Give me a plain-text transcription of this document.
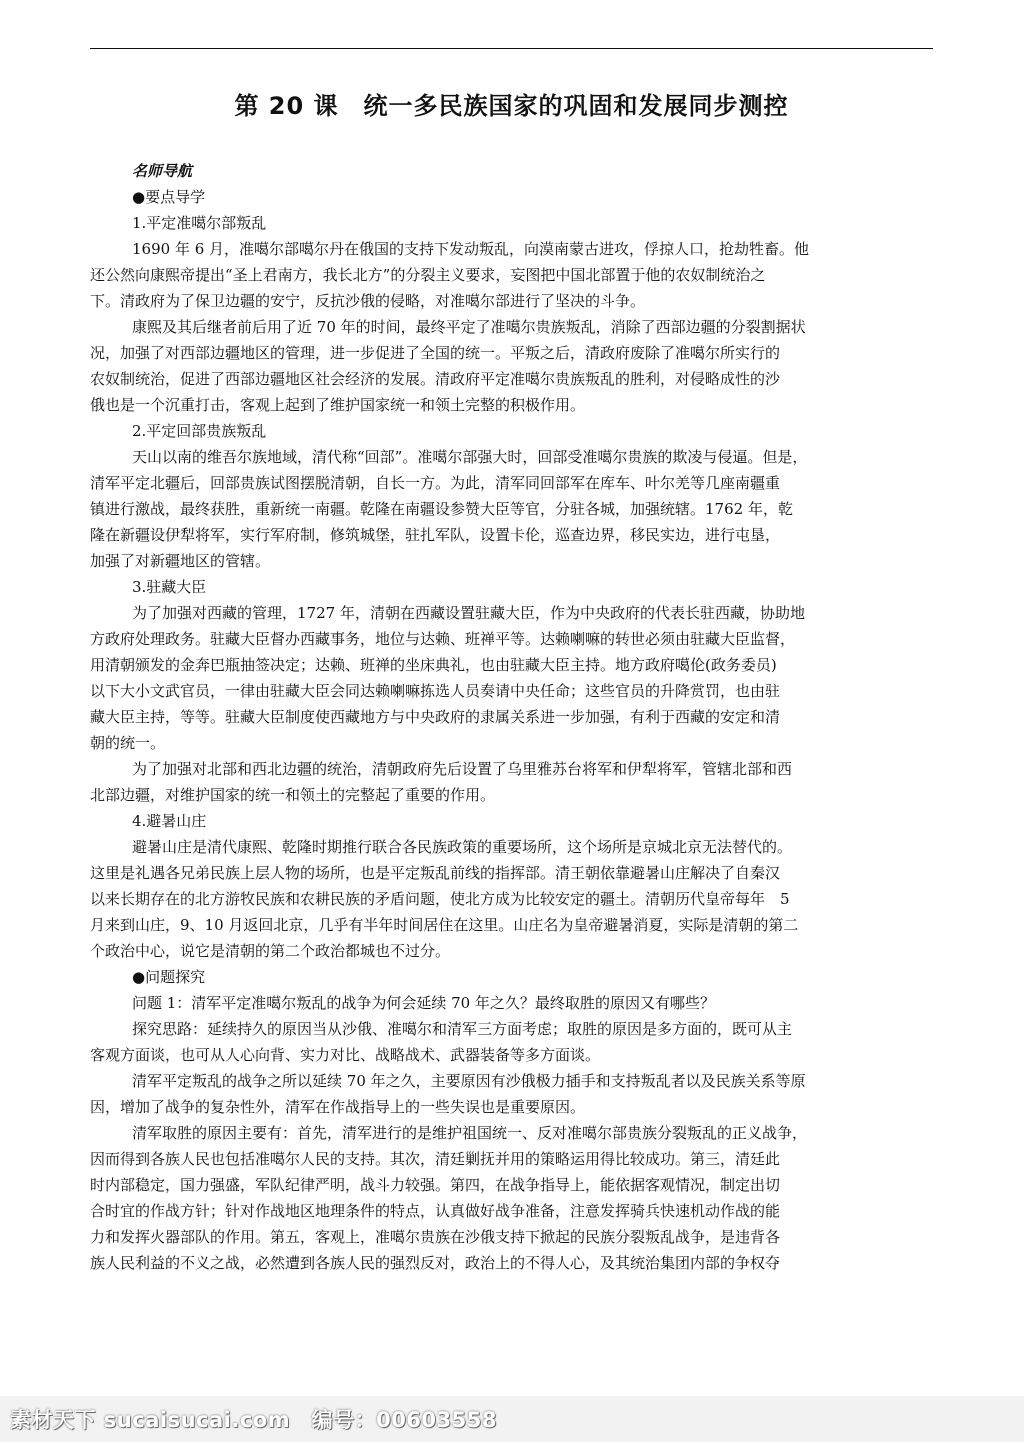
第 20 课　统一多民族国家的巩固和发展同步测控
名师导航
●要点导学
1.平定准噶尔部叛乱
1690 年 6 月，准噶尔部噶尔丹在俄国的支持下发动叛乱，向漠南蒙古进攻，俘掠人口，抢劫牲畜。他
还公然向康熙帝提出“圣上君南方，我长北方”的分裂主义要求，妄图把中国北部置于他的农奴制统治之
下。清政府为了保卫边疆的安宁，反抗沙俄的侵略，对准噶尔部进行了坚决的斗争。
康熙及其后继者前后用了近 70 年的时间，最终平定了准噶尔贵族叛乱，消除了西部边疆的分裂割据状
况，加强了对西部边疆地区的管理，进一步促进了全国的统一。平叛之后，清政府废除了准噶尔所实行的
农奴制统治，促进了西部边疆地区社会经济的发展。清政府平定准噶尔贵族叛乱的胜利，对侵略成性的沙
俄也是一个沉重打击，客观上起到了维护国家统一和领土完整的积极作用。
2.平定回部贵族叛乱
天山以南的维吾尔族地域，清代称“回部”。准噶尔部强大时，回部受准噶尔贵族的欺凌与侵逼。但是，
清军平定北疆后，回部贵族试图摆脱清朝，自长一方。为此，清军同回部军在库车、叶尔羌等几座南疆重
镇进行激战，最终获胜，重新统一南疆。乾隆在南疆设参赞大臣等官，分驻各城，加强统辖。1762 年，乾
隆在新疆设伊犁将军，实行军府制，修筑城堡，驻扎军队，设置卡伦，巡查边界，移民实边，进行屯垦，
加强了对新疆地区的管辖。
3.驻藏大臣
为了加强对西藏的管理，1727 年，清朝在西藏设置驻藏大臣，作为中央政府的代表长驻西藏，协助地
方政府处理政务。驻藏大臣督办西藏事务，地位与达赖、班禅平等。达赖喇嘛的转世必须由驻藏大臣监督，
用清朝颁发的金奔巴瓶抽签决定；达赖、班禅的坐床典礼，也由驻藏大臣主持。地方政府噶伦(政务委员)
以下大小文武官员，一律由驻藏大臣会同达赖喇嘛拣选人员奏请中央任命；这些官员的升降赏罚，也由驻
藏大臣主持，等等。驻藏大臣制度使西藏地方与中央政府的隶属关系进一步加强，有利于西藏的安定和清
朝的统一。
为了加强对北部和西北边疆的统治，清朝政府先后设置了乌里雅苏台将军和伊犁将军，管辖北部和西
北部边疆，对维护国家的统一和领土的完整起了重要的作用。
4.避暑山庄
避暑山庄是清代康熙、乾隆时期推行联合各民族政策的重要场所，这个场所是京城北京无法替代的。
这里是礼遇各兄弟民族上层人物的场所，也是平定叛乱前线的指挥部。清王朝依靠避暑山庄解决了自秦汉
以来长期存在的北方游牧民族和农耕民族的矛盾问题，使北方成为比较安定的疆土。清朝历代皇帝每年　5
月来到山庄，9、10 月返回北京，几乎有半年时间居住在这里。山庄名为皇帝避暑消夏，实际是清朝的第二
个政治中心，说它是清朝的第二个政治都城也不过分。
●问题探究
问题 1：清军平定准噶尔叛乱的战争为何会延续 70 年之久？最终取胜的原因又有哪些？
探究思路：延续持久的原因当从沙俄、准噶尔和清军三方面考虑；取胜的原因是多方面的，既可从主
客观方面谈，也可从人心向背、实力对比、战略战术、武器装备等多方面谈。
清军平定叛乱的战争之所以延续 70 年之久，主要原因有沙俄极力插手和支持叛乱者以及民族关系等原
因，增加了战争的复杂性外，清军在作战指导上的一些失误也是重要原因。
清军取胜的原因主要有：首先，清军进行的是维护祖国统一、反对准噶尔部贵族分裂叛乱的正义战争，
因而得到各族人民也包括准噶尔人民的支持。其次，清廷剿抚并用的策略运用得比较成功。第三，清廷此
时内部稳定，国力强盛，军队纪律严明，战斗力较强。第四，在战争指导上，能依据客观情况，制定出切
合时宜的作战方针；针对作战地区地理条件的特点，认真做好战争准备，注意发挥骑兵快速机动作战的能
力和发挥火器部队的作用。第五，客观上，准噶尔贵族在沙俄支持下掀起的民族分裂叛乱战争，是违背各
族人民利益的不义之战，必然遭到各族人民的强烈反对，政治上的不得人心，及其统治集团内部的争权夺
素材天下 sucaisucai.com　编号：00603558
